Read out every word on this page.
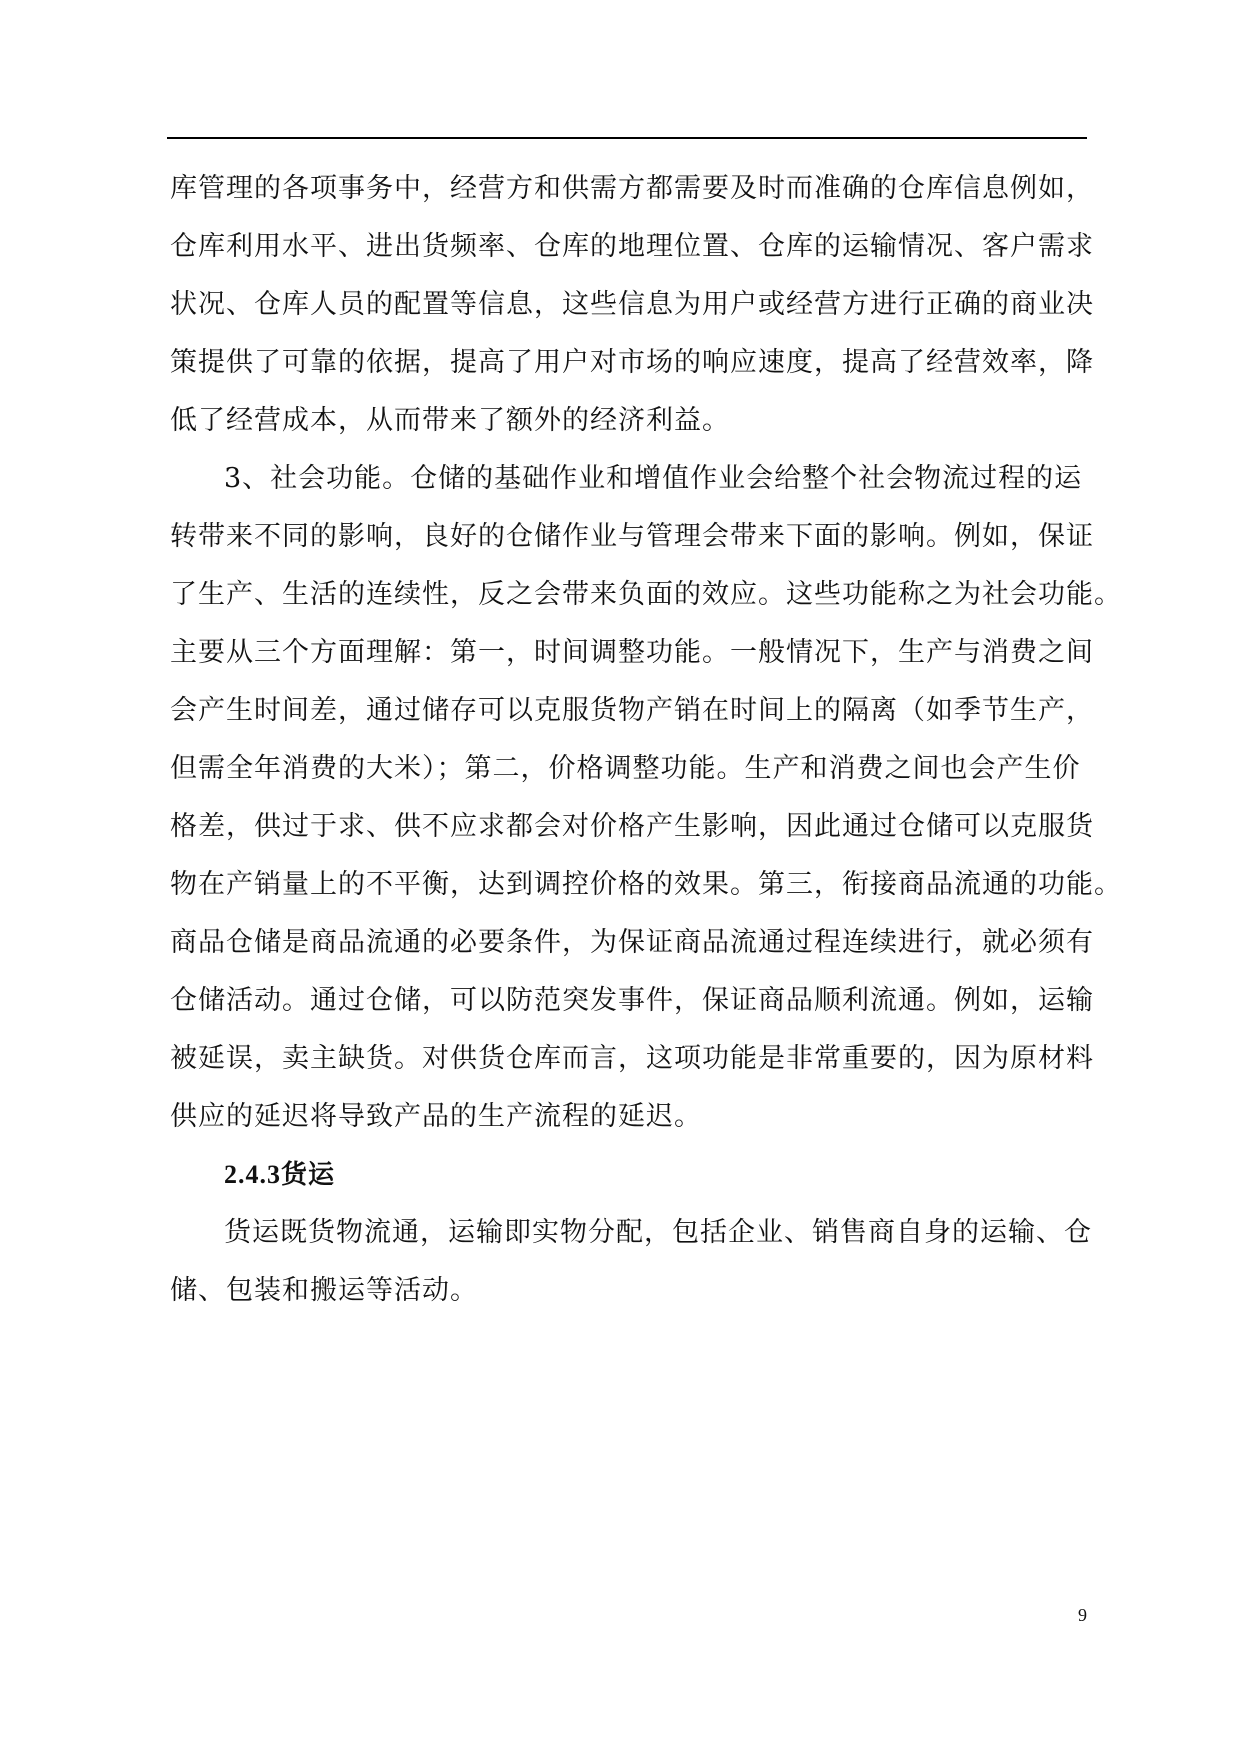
库管理的各项事务中，经营方和供需方都需要及时而准确的仓库信息例如，
仓库利用水平、进出货频率、仓库的地理位置、仓库的运输情况、客户需求
状况、仓库人员的配置等信息，这些信息为用户或经营方进行正确的商业决
策提供了可靠的依据，提高了用户对市场的响应速度，提高了经营效率，降
低了经营成本，从而带来了额外的经济利益。
3、社会功能。仓储的基础作业和增值作业会给整个社会物流过程的运
转带来不同的影响，良好的仓储作业与管理会带来下面的影响。例如，保证
了生产、生活的连续性，反之会带来负面的效应。这些功能称之为社会功能。
主要从三个方面理解：第一，时间调整功能。一般情况下，生产与消费之间
会产生时间差，通过储存可以克服货物产销在时间上的隔离（如季节生产，
但需全年消费的大米）；第二，价格调整功能。生产和消费之间也会产生价
格差，供过于求、供不应求都会对价格产生影响，因此通过仓储可以克服货
物在产销量上的不平衡，达到调控价格的效果。第三，衔接商品流通的功能。
商品仓储是商品流通的必要条件，为保证商品流通过程连续进行，就必须有
仓储活动。通过仓储，可以防范突发事件，保证商品顺利流通。例如，运输
被延误，卖主缺货。对供货仓库而言，这项功能是非常重要的，因为原材料
供应的延迟将导致产品的生产流程的延迟。
2.4.3货运
货运既货物流通，运输即实物分配，包括企业、销售商自身的运输、仓
储、包装和搬运等活动。
9
